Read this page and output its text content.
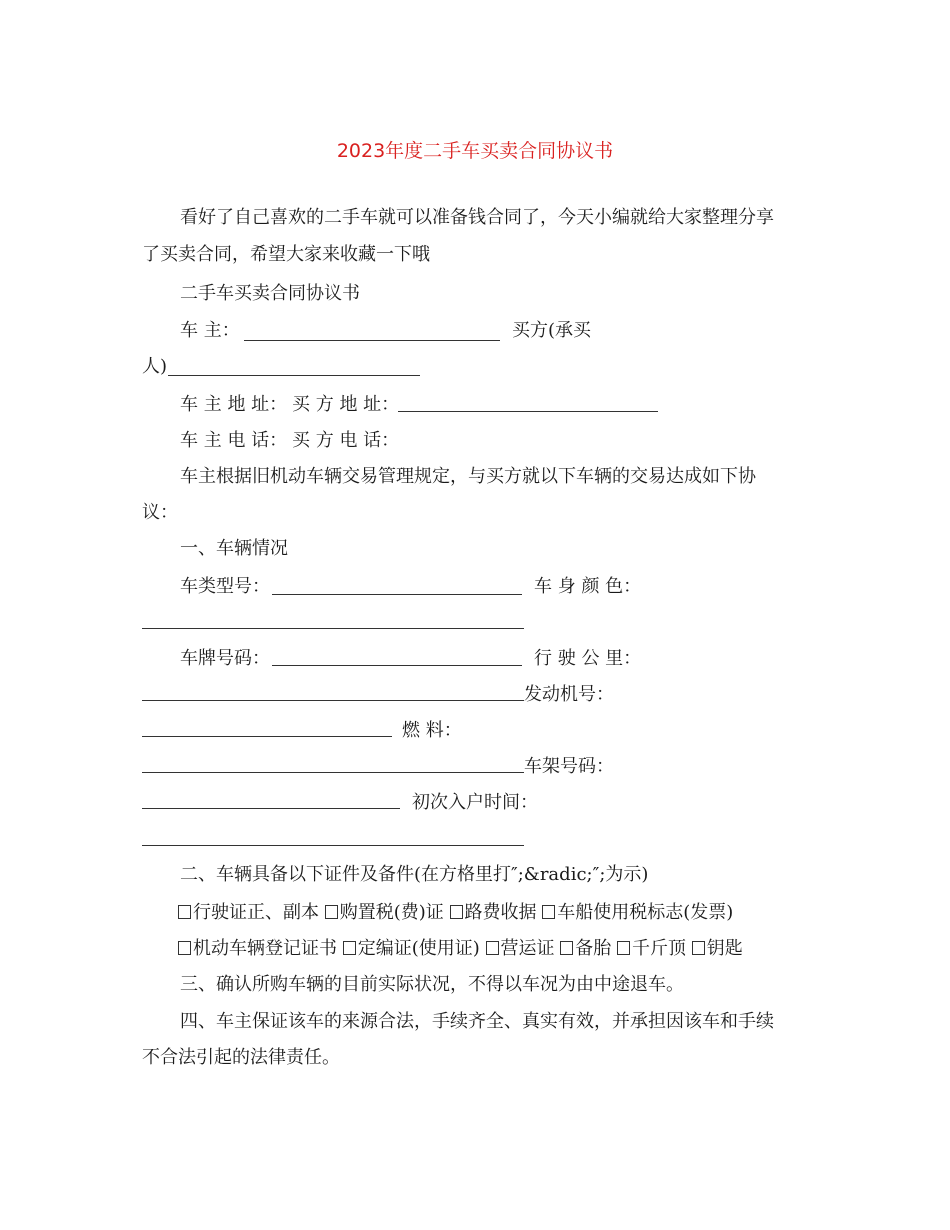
2023年度二手车买卖合同协议书
看好了自己喜欢的二手车就可以准备钱合同了，今天小编就给大家整理分享
了买卖合同，希望大家来收藏一下哦
二手车买卖合同协议书
车 主：	买方(承买
人)
车 主 地 址： 买 方 地 址：
车 主 电 话： 买 方 电 话：
车主根据旧机动车辆交易管理规定，与买方就以下车辆的交易达成如下协
议：
一、车辆情况
车类型号：	车 身 颜 色：
车牌号码：	行 驶 公 里：
发动机号：
燃 料：
车架号码：
初次入户时间：
二、车辆具备以下证件及备件(在方格里打″;&radic;″;为示)
行驶证正、副本 购置税(费)证 路费收据 车船使用税标志(发票)
机动车辆登记证书 定编证(使用证) 营运证 备胎 千斤顶 钥匙
三、确认所购车辆的目前实际状况，不得以车况为由中途退车。
四、车主保证该车的来源合法，手续齐全、真实有效，并承担因该车和手续
不合法引起的法律责任。
